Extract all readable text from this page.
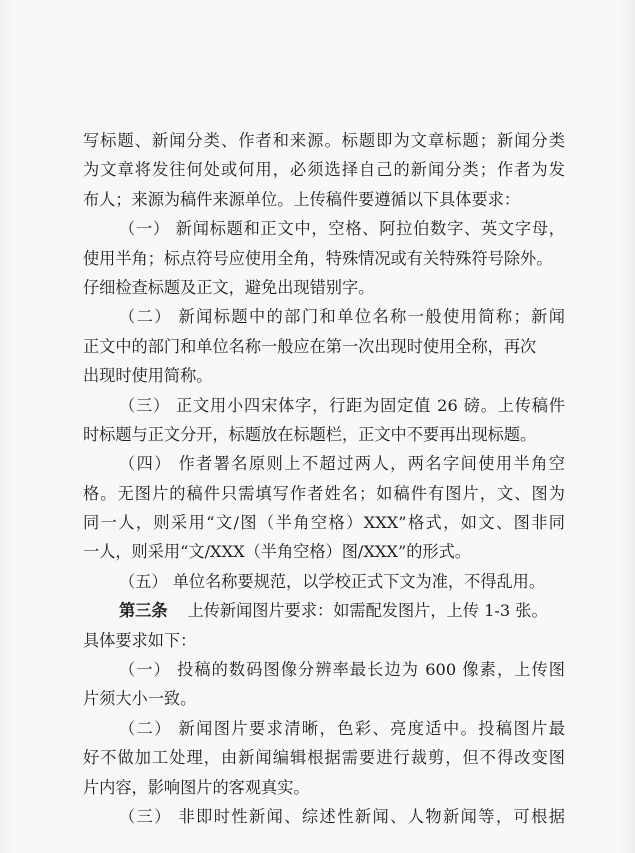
写标题、新闻分类、作者和来源。标题即为文章标题；新闻分类
为文章将发往何处或何用，必须选择自己的新闻分类；作者为发
布人；来源为稿件来源单位。上传稿件要遵循以下具体要求：
（一） 新闻标题和正文中，空格、阿拉伯数字、英文字母，
使用半角；标点符号应使用全角，特殊情况或有关特殊符号除外。
仔细检查标题及正文，避免出现错别字。
（二） 新闻标题中的部门和单位名称一般使用简称；新闻
正文中的部门和单位名称一般应在第一次出现时使用全称，再次
出现时使用简称。
（三） 正文用小四宋体字，行距为固定值 26 磅。上传稿件
时标题与正文分开，标题放在标题栏，正文中不要再出现标题。
（四） 作者署名原则上不超过两人，两名字间使用半角空
格。无图片的稿件只需填写作者姓名；如稿件有图片，文、图为
同一人，则采用“文/图（半角空格）XXX”格式，如文、图非同
一人，则采用“文/XXX（半角空格）图/XXX”的形式。
（五） 单位名称要规范，以学校正式下文为准，不得乱用。
第三条 上传新闻图片要求：如需配发图片，上传 1-3 张。
具体要求如下：
（一） 投稿的数码图像分辨率最长边为 600 像素，上传图
片须大小一致。
（二） 新闻图片要求清晰，色彩、亮度适中。投稿图片最
好不做加工处理，由新闻编辑根据需要进行裁剪，但不得改变图
片内容，影响图片的客观真实。
（三） 非即时性新闻、综述性新闻、人物新闻等，可根据
